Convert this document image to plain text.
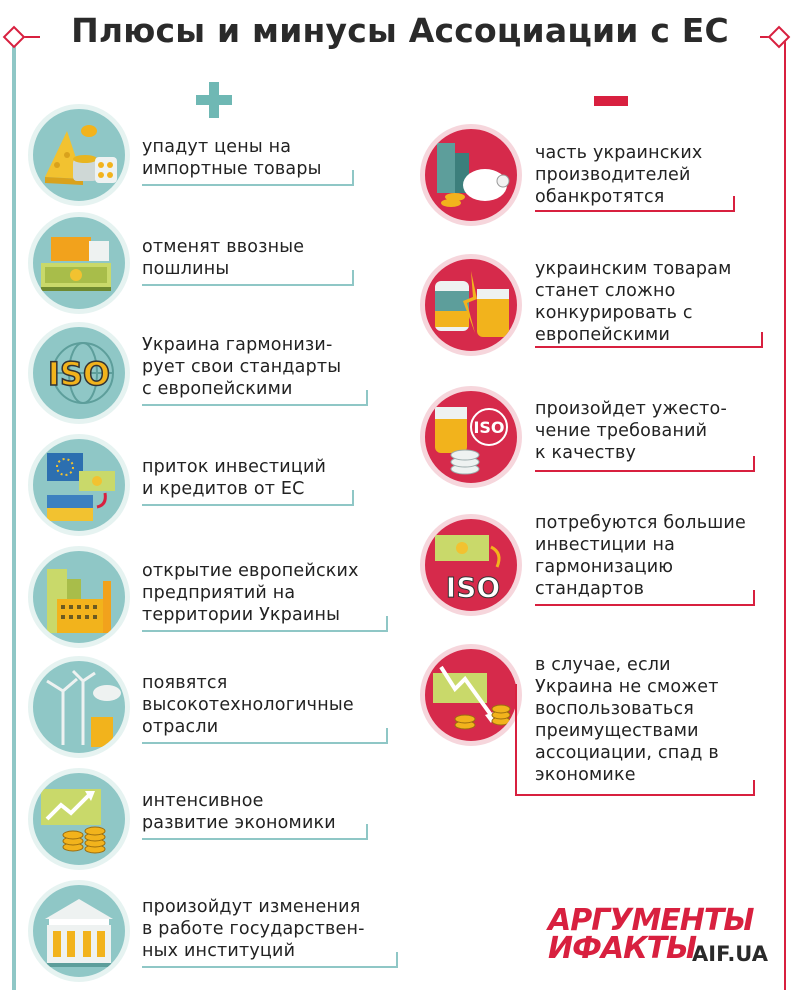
Плюсы и минусы Ассоциации с ЕС
упадут цены на
импортные товары
отменят ввозные
пошлины
ISO
Украина гармонизи-
рует свои стандарты
с европейскими
приток инвестиций
и кредитов от ЕС
открытие европейских
предприятий на
территории Украины
появятся
высокотехнологичные
отрасли
интенсивное
развитие экономики
произойдут изменения
в работе государствен-
ных институций
часть украинских
производителей
обанкротятся
украинским товарам
станет сложно
конкурировать с
европейскими
ISO
произойдет ужесто-
чение требований
к качеству
ISO
потребуются большие
инвестиции на
гармонизацию
стандартов
в случае, если
Украина не сможет
воспользоваться
преимуществами
ассоциации, спад в
экономике
АРГУМЕНТЫ
ИФАКТЫ
AIF.UA
